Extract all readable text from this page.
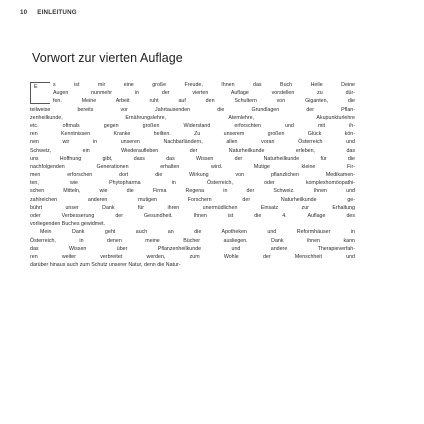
10 EINLEITUNG
Vorwort zur vierten Auflage
E	s ist mir eine große Freude, Ihnen das Buch Heile Deine
Augen nunmehr in der vierten Auflage vorstellen zu dür-
fen. Meine Arbeit ruht auf den Schultern von Giganten, die
teilweise bereits vor Jahrtausenden die Grundlagen der Pflan-
zenheilkunde, Ernährungslehre, Atemlehre, Akupunkturlehre
etc. oftmals gegen großen Widerstand erforschten und mit ih-
ren Kenntnissen Kranke heilten. Zu unserem großen Glück kön-
nen wir in unseren Nachbarländern, allen voran Österreich und
Schweiz, ein Wiederaufleben der Naturheilkunde erleben, das
uns Hoffnung gibt, dass das Wissen der Naturheilkunde für die
nachfolgenden Generationen erhalten wird. Mutige kleine Fir-
men erforschen dort die Wirkung von pflanzlichen Medikamen-
ten, wie Phytopharma in Österreich, oder komplexhomöopathi-
schen Mitteln, wie die Firma Regena in der Schweiz. Ihnen und
zahlreichen anderen mutigen Forschern der Naturheilkunde ge-
bührt unser Dank für ihren unermüdlichen Einsatz zur Erhaltung
oder Verbesserung der Gesundheit. Ihnen ist die 4. Auflage des
vorliegenden Buches gewidmet.

Mein Dank geht auch an die Apotheken und Reformhäuser in
Österreich, in denen meine Bücher ausliegen. Dank ihnen kann
das Wissen über Pflanzenheilkunde und andere Therapieverfah-
ren weiter verbreitet werden, zum Wohle der Menschheit und
darüber hinaus auch zum Schutz unserer Natur, denn die Natur-
